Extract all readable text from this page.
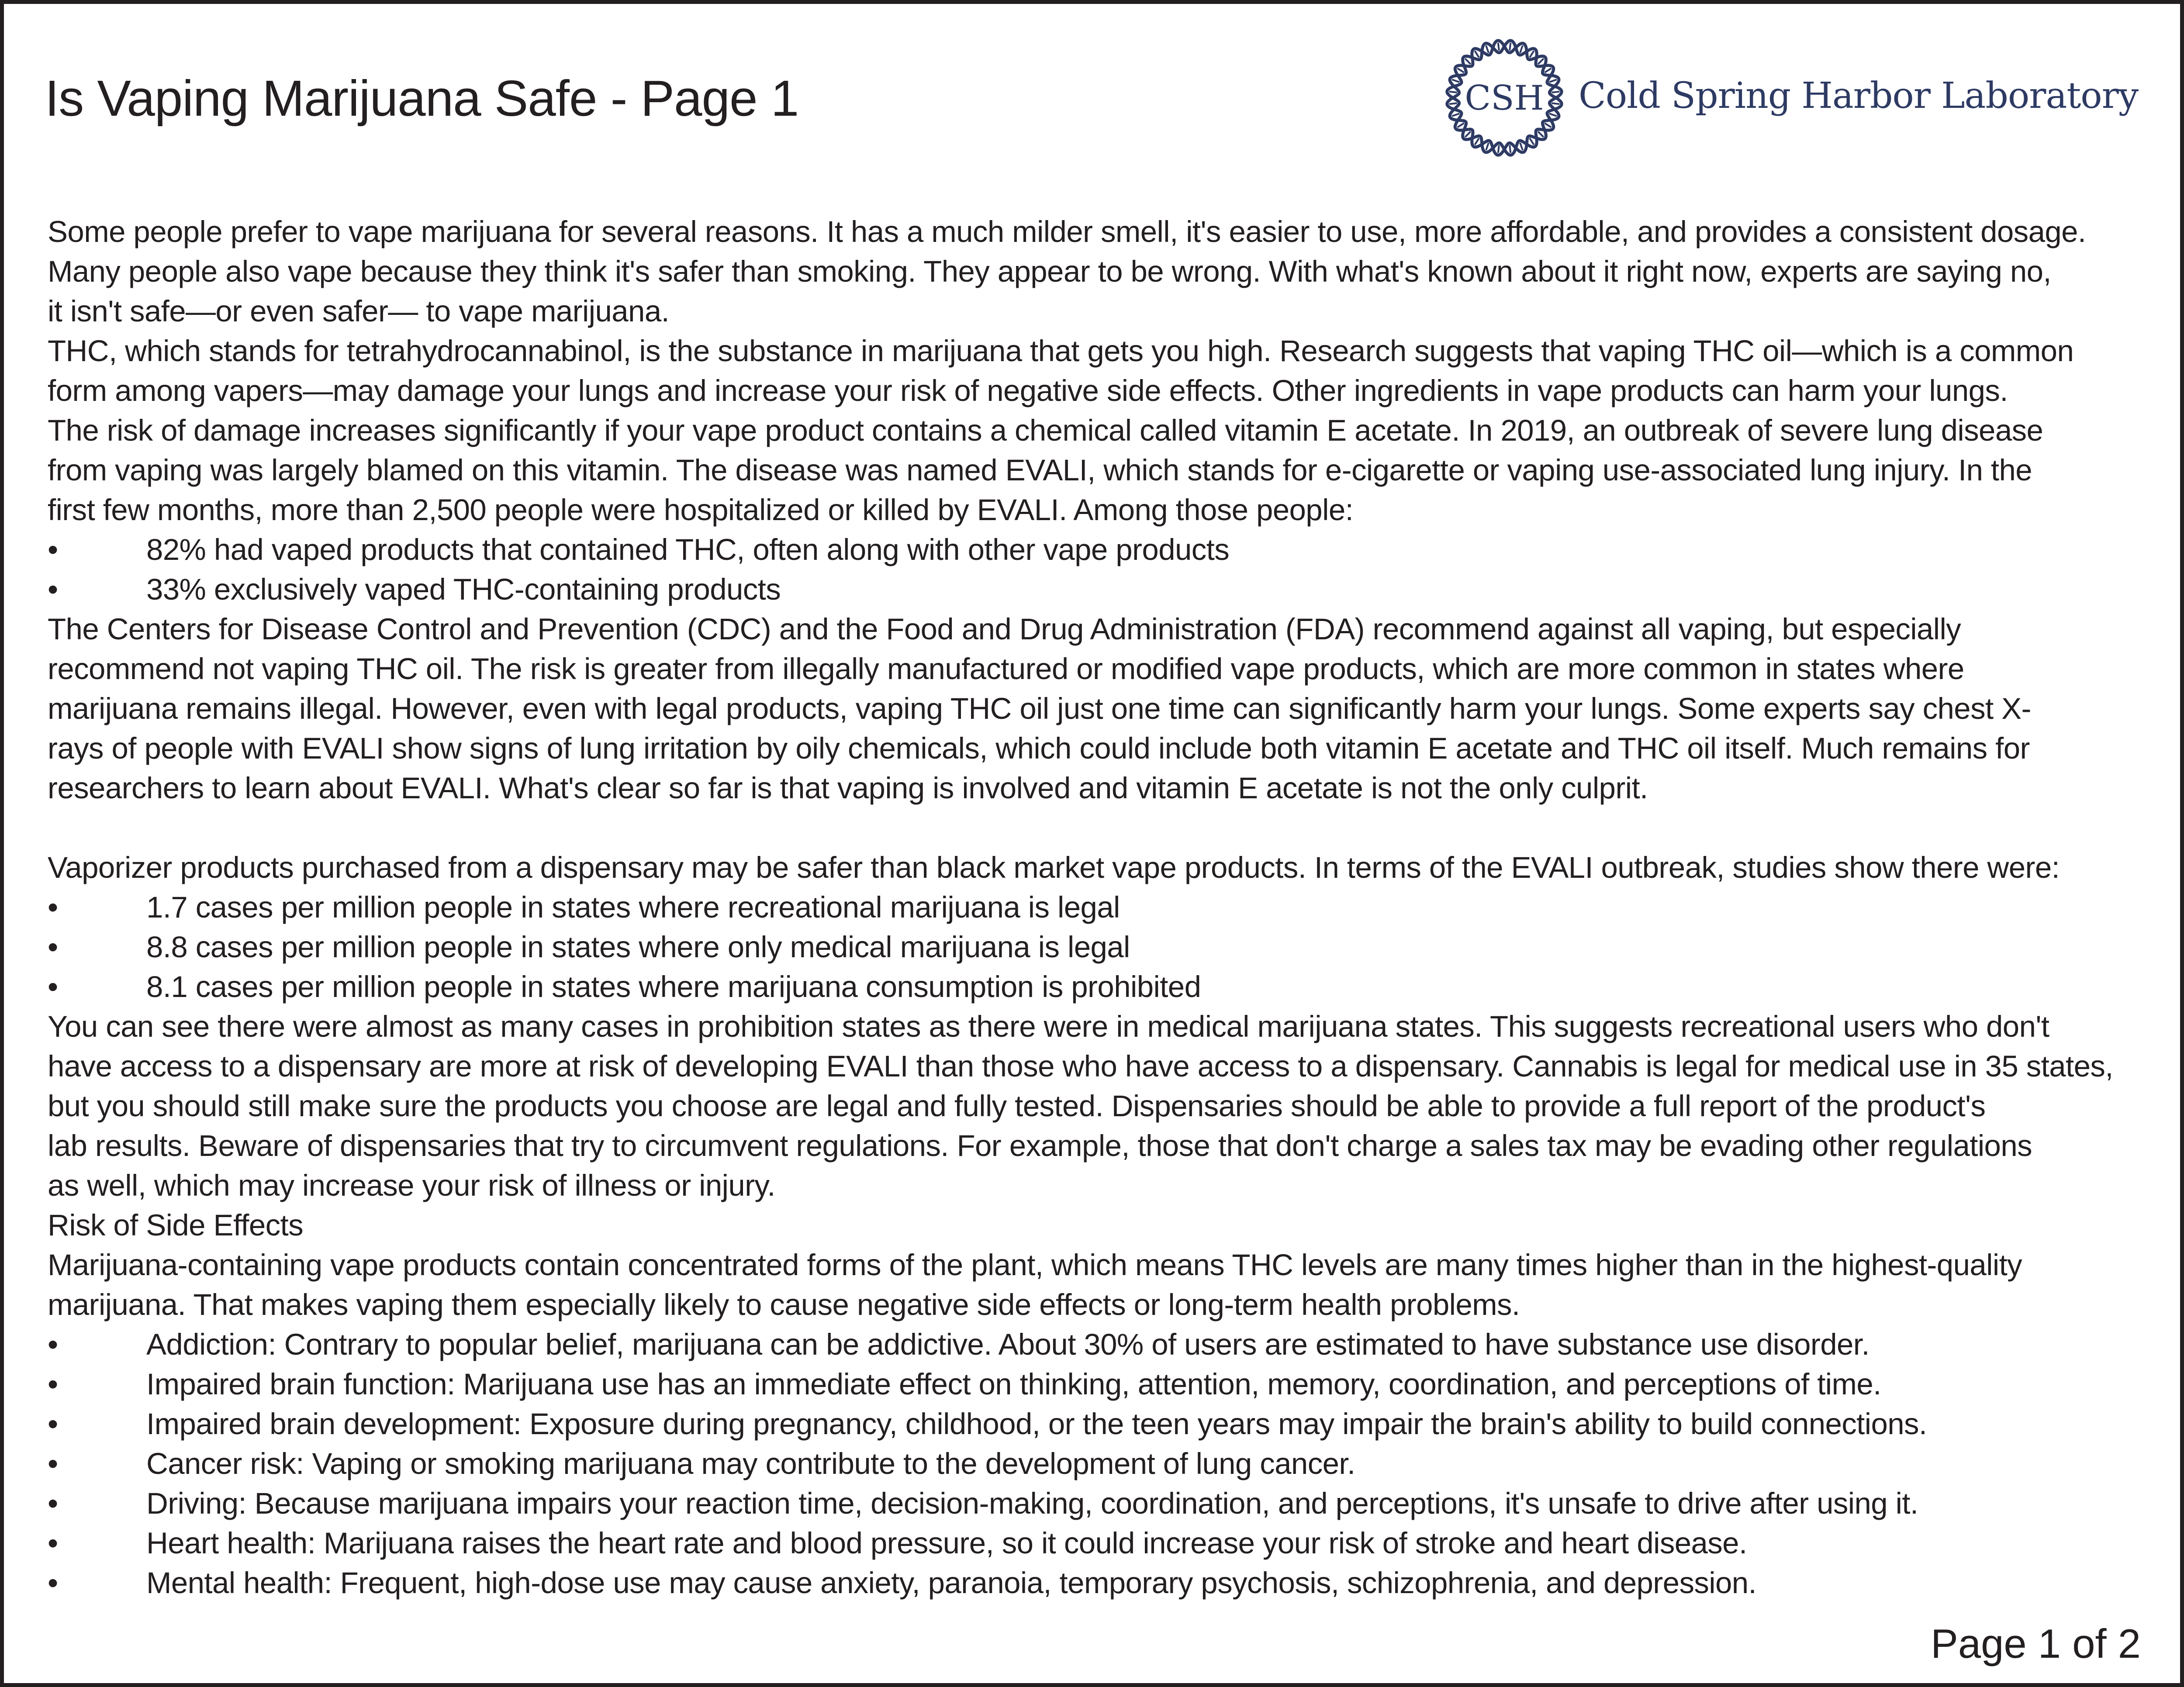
Is Vaping Marijuana Safe - Page 1	CSH Cold Spring Harbor Laboratory
Some people prefer to vape marijuana for several reasons. It has a much milder smell, it's easier to use, more affordable, and provides a consistent dosage.
Many people also vape because they think it's safer than smoking. They appear to be wrong. With what's known about it right now, experts are saying no,
it isn't safe—or even safer— to vape marijuana.
THC, which stands for tetrahydrocannabinol, is the substance in marijuana that gets you high. Research suggests that vaping THC oil—which is a common
form among vapers—may damage your lungs and increase your risk of negative side effects. Other ingredients in vape products can harm your lungs.
The risk of damage increases significantly if your vape product contains a chemical called vitamin E acetate. In 2019, an outbreak of severe lung disease
from vaping was largely blamed on this vitamin. The disease was named EVALI, which stands for e-cigarette or vaping use-associated lung injury. In the
first few months, more than 2,500 people were hospitalized or killed by EVALI. Among those people:
•	82% had vaped products that contained THC, often along with other vape products
•	33% exclusively vaped THC-containing products
The Centers for Disease Control and Prevention (CDC) and the Food and Drug Administration (FDA) recommend against all vaping, but especially
recommend not vaping THC oil. The risk is greater from illegally manufactured or modified vape products, which are more common in states where
marijuana remains illegal. However, even with legal products, vaping THC oil just one time can significantly harm your lungs. Some experts say chest X-
rays of people with EVALI show signs of lung irritation by oily chemicals, which could include both vitamin E acetate and THC oil itself. Much remains for
researchers to learn about EVALI. What's clear so far is that vaping is involved and vitamin E acetate is not the only culprit.
Vaporizer products purchased from a dispensary may be safer than black market vape products. In terms of the EVALI outbreak, studies show there were:
•	1.7 cases per million people in states where recreational marijuana is legal
•	8.8 cases per million people in states where only medical marijuana is legal
•	8.1 cases per million people in states where marijuana consumption is prohibited
You can see there were almost as many cases in prohibition states as there were in medical marijuana states. This suggests recreational users who don't
have access to a dispensary are more at risk of developing EVALI than those who have access to a dispensary. Cannabis is legal for medical use in 35 states,
but you should still make sure the products you choose are legal and fully tested. Dispensaries should be able to provide a full report of the product's
lab results. Beware of dispensaries that try to circumvent regulations. For example, those that don't charge a sales tax may be evading other regulations
as well, which may increase your risk of illness or injury.
Risk of Side Effects
Marijuana-containing vape products contain concentrated forms of the plant, which means THC levels are many times higher than in the highest-quality
marijuana. That makes vaping them especially likely to cause negative side effects or long-term health problems.
•	Addiction: Contrary to popular belief, marijuana can be addictive. About 30% of users are estimated to have substance use disorder.
•	Impaired brain function: Marijuana use has an immediate effect on thinking, attention, memory, coordination, and perceptions of time.
•	Impaired brain development: Exposure during pregnancy, childhood, or the teen years may impair the brain's ability to build connections.
•	Cancer risk: Vaping or smoking marijuana may contribute to the development of lung cancer.
•	Driving: Because marijuana impairs your reaction time, decision-making, coordination, and perceptions, it's unsafe to drive after using it.
•	Heart health: Marijuana raises the heart rate and blood pressure, so it could increase your risk of stroke and heart disease.
•	Mental health: Frequent, high-dose use may cause anxiety, paranoia, temporary psychosis, schizophrenia, and depression.
Page 1 of 2
